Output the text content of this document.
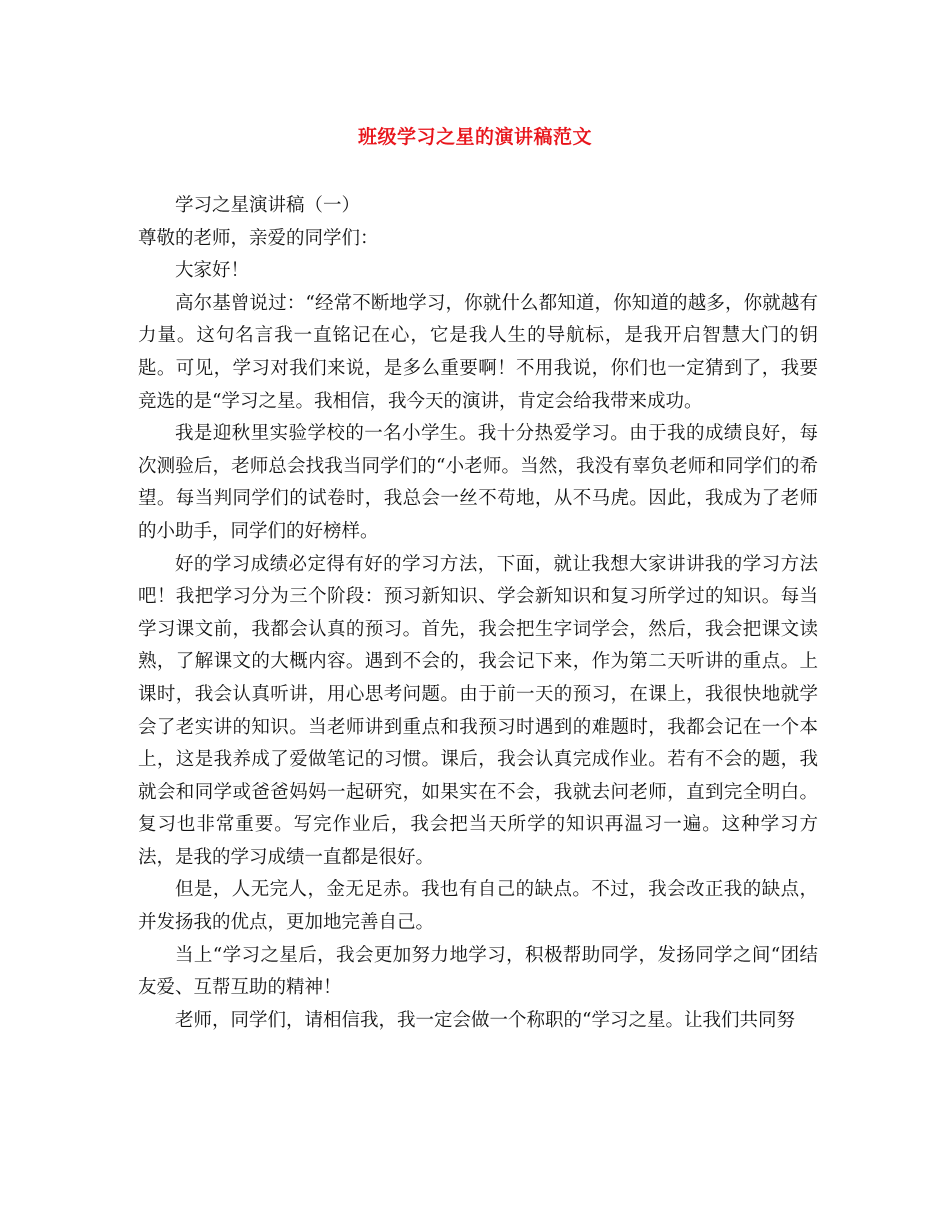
班级学习之星的演讲稿范文

学习之星演讲稿（一）

尊敬的老师，亲爱的同学们：

大家好！

高尔基曾说过：“经常不断地学习，你就什么都知道，你知道的越多，你就越有力量。这句名言我一直铭记在心，它是我人生的导航标，是我开启智慧大门的钥匙。可见，学习对我们来说，是多么重要啊！不用我说，你们也一定猜到了，我要竞选的是“学习之星。我相信，我今天的演讲，肯定会给我带来成功。

我是迎秋里实验学校的一名小学生。我十分热爱学习。由于我的成绩良好，每次测验后，老师总会找我当同学们的“小老师。当然，我没有辜负老师和同学们的希望。每当判同学们的试卷时，我总会一丝不苟地，从不马虎。因此，我成为了老师的小助手，同学们的好榜样。

好的学习成绩必定得有好的学习方法，下面，就让我想大家讲讲我的学习方法吧！我把学习分为三个阶段：预习新知识、学会新知识和复习所学过的知识。每当学习课文前，我都会认真的预习。首先，我会把生字词学会，然后，我会把课文读熟，了解课文的大概内容。遇到不会的，我会记下来，作为第二天听讲的重点。上课时，我会认真听讲，用心思考问题。由于前一天的预习，在课上，我很快地就学会了老实讲的知识。当老师讲到重点和我预习时遇到的难题时，我都会记在一个本上，这是我养成了爱做笔记的习惯。课后，我会认真完成作业。若有不会的题，我就会和同学或爸爸妈妈一起研究，如果实在不会，我就去问老师，直到完全明白。复习也非常重要。写完作业后，我会把当天所学的知识再温习一遍。这种学习方法，是我的学习成绩一直都是很好。

但是，人无完人，金无足赤。我也有自己的缺点。不过，我会改正我的缺点，并发扬我的优点，更加地完善自己。

当上“学习之星后，我会更加努力地学习，积极帮助同学，发扬同学之间“团结友爱、互帮互助的精神！

老师，同学们，请相信我，我一定会做一个称职的“学习之星。让我们共同努
